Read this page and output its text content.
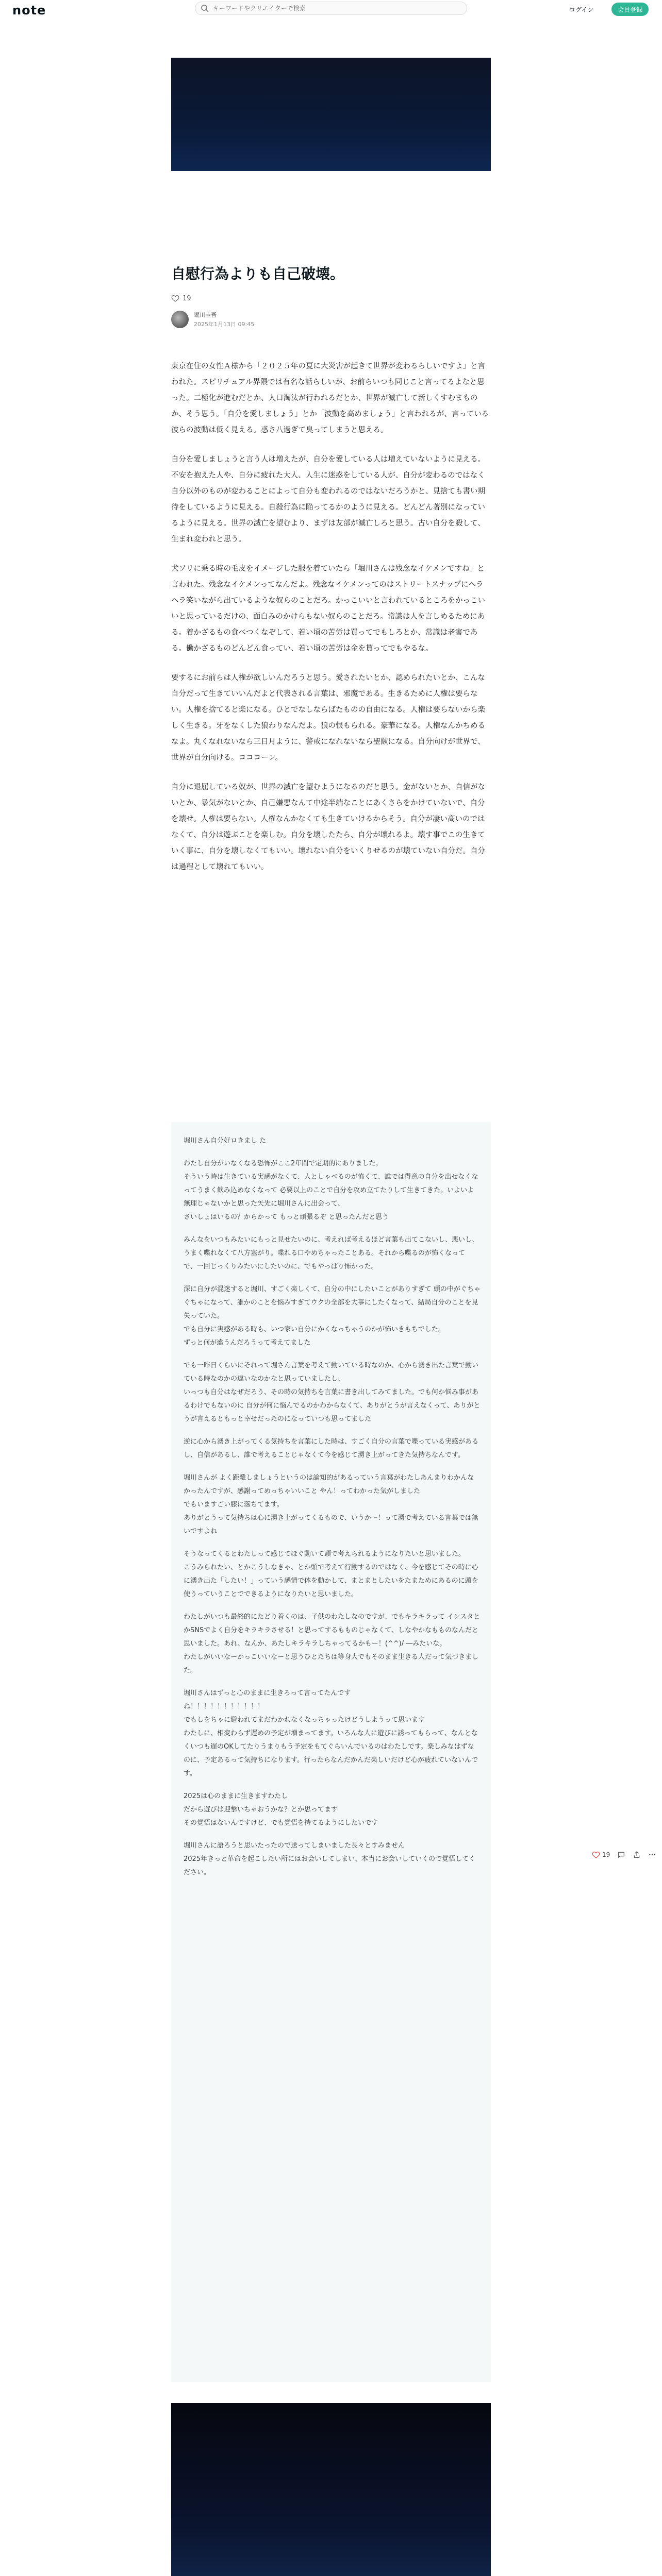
note
キーワードやクリエイターで検索	ログイン	会員登録
自慰行為よりも自己破壊。
19
堀川圭吾
2025年1月13日 09:45

東京在住の女性Ａ様から「２０２５年の夏に大災害が起きて世界が変わるらしいですよ」と言われた。スピリチュアル界隈では有名な話らしいが、お前らいつも同じこと言ってるよなと思った。二極化が進むだとか、人口淘汰が行われるだとか、世界が滅亡して新しくすむまものか、そう思う。「自分を愛しましょう」とか「波動を高めましょう」と言われるが、言っている彼らの波動は低く見える。惑さ八過ぎて臭ってしまうと思える。

自分を愛しましょうと言う人は増えたが、自分を愛している人は増えていないように見える。不安を抱えた人や、自分に疲れた大人、人生に迷惑をしている人が、自分が変わるのではなく自分以外のものが変わることによって自分も変われるのではないだろうかと、見捨ても書い期待をしているように見える。自殺行為に陥ってるかのように見える。どんどん著別になっているように見える。世界の滅亡を望むより、まずは友部が滅亡しろと思う。古い自分を殺して、生まれ変われと思う。

犬ソリに乗る時の毛皮をイメージした服を着ていたら「堀川さんは残念なイケメンですね」と言われた。残念なイケメンってなんだよ。残念なイケメンってのはストリートスナップにヘラヘラ笑いながら出ているような奴らのことだろ。かっこいいと言われているところをかっこいいと思っているだけの、面白みのかけらもない奴らのことだろ。常識は人を言しめるためにある。着かざるもの食べつくなぞして、若い頃の苦労は買ってでもしろとか、常識は老害である。働かざるものどんどん食ってい、若い頃の苦労は金を貰ってでもやるな。

要するにお前らは人権が欲しいんだろうと思う。愛されたいとか、認められたいとか、こんな自分だって生きていいんだよと代表される言葉は、邪魔である。生きるために人権は要らない。人権を捨てると楽になる。ひとでなしならばたものの自由になる。人権は要らないから楽しく生きる。牙をなくした狼わりなんだよ。狼の恨もられる。豪華になる。人権なんかちめるなよ。丸くなれないなら三日月ように、警戒になれないなら聖獣になる。自分向けが世界で、世界が自分向ける。コココーン。

自分に退屈している奴が、世界の滅亡を望むようになるのだと思う。金がないとか、自信がないとか、暴気がないとか、自己嫌悪なんて中途半端なことにあくさらをかけていないで、自分を壊せ。人権は要らない。人権なんかなくても生きていけるからそう。自分が凄い高いのではなくて、自分は遊ぶことを楽しむ。自分を壊したたら、自分が壊れるよ。壊す事でこの生きていく事に、自分を壊しなくてもいい。壊れない自分をいくりせるのが壊ていない自分だ。自分は過程として壊れてもいい。

堀川さん自分好ロきまし た

わたし自分がいなくなる恐怖がここ2年間で定期的にありました。
そういう時は生きている実感がなくて、人としゃべるのが怖くて、誰では得意の自分を出せなくなってうまく飲み込めなくなって 必要以上のことで自分を攻め立てたりして生きてきた。いよいよ
無理じゃないかと思った矢先に堀川さんに出会って、
さいしょはいるの？からかって もっと頑張るぞ と思ったんだと思う

みんなをいつもみたいにもっと見せたいのに、考えれば考えるほど言葉も出てこないし、悪いし、うまく喋れなくて八方塞がり。喋れる口やめちゃったことある。それから喋るのが怖くなって
で、一回じっくりみたいにしたいのに、でもやっぱり怖かった。

深に自分が混迷すると堀川、すごく楽しくて、自分の中にしたいことがありすぎて 頭の中がぐちゃぐちゃになって、誰かのことを悩みすぎてウクの全部を大事にしたくなって、結局自分のことを見失っていた。
でも自分に実感がある時も、いつ家い自分にかくなっちゃうのかが怖いきもちでした。
ずっと何が違うんだろうって考えてました

でも一昨日くらいにそれって堀さん言葉を考えて動いている時なのか、心から湧き出た言葉で動いている時なのかの違いなのかなと思っていましたし、
いっつも自分はなぜだろう、その時の気持ちを言葉に書き出してみてました。でも何か悩み事があるわけでもないのに 自分が何に悩んでるのかわからなくて、ありがとうが言えなくって、ありがとうが言えるともっと幸せだったのになっていつも思ってました

逆に心から湧き上がってくる気持ちを言葉にした時は、すごく自分の言葉で喋っている実感があるし、自信があるし、誰で考えることじゃなくて今を感じて湧き上がってきた気持ちなんです。

堀川さんが よく距離しましょうというのは論知的があるっていう言葉がわたしあんまりわかんなかったんですが、感謝ってめっちゃいいこと やん！ってわかった気がしました
でもいますごい膝に落ちてます。
ありがとうって気持ちは心に湧き上がってくるもので、いうか〜！って湧で考えている言葉では無いですよね

そうなってくるとわたしって感じてほぐ動いて頭で考えられるようになりたいと思いました。
こうみられたい、とかこうしなきゃ、とか頭で考えて行動するのではなく、今を感じてその時に心に湧き出た「したい！」っていう感情で体を動かして、まとまとしたいをたまためにあるのに頭を使うっていうことでできるようになりたいと思いました。

わたしがいつも最終的にたどり着くのは、子供のわたしなのですが、でもキラキラって インスタとかSNSでよく自分をキラキラさせる！と思ってするもものじゃなくて、しなやかなもものなんだと思いました。あれ、なんか、あたしキラキラしちゃってるかもー！(^^)/ ―みたいな。
わたしがいいなーかっこいいなーと思うひとたちは等身大でもそのまま生きる人だって気づきました。

堀川さんはずっと心のままに生きろって言ってたんです
ね！！！！！！！！！！！
でもしをちゃに避われてまだわかれなくなっちゃったけどうしようって思います
わたしに、相変わらず遅めの予定が増まってます。いろんな人に遊びに誘ってもらって、なんとなくいつも遅のOKしてたりうまりもう予定をもてぐらいんでいるのはわたしです。楽しみなはずなのに、予定あるって気持ちになります。行ったらなんだかんだ楽しいだけど心が疲れていないんです。

2025は心のままに生きますわたし
だから遊びは迎撃いちゃおうかな？とか思ってます
その覚悟はないんですけど、でも覚悟を持てるようにしたいです

堀川さんに語ろうと思いたったので送ってしまいました長々とすみません
2025年きっと革命を起こしたい所にはお会いしてしまい、本当にお会いしていくので覚悟してください。

19
